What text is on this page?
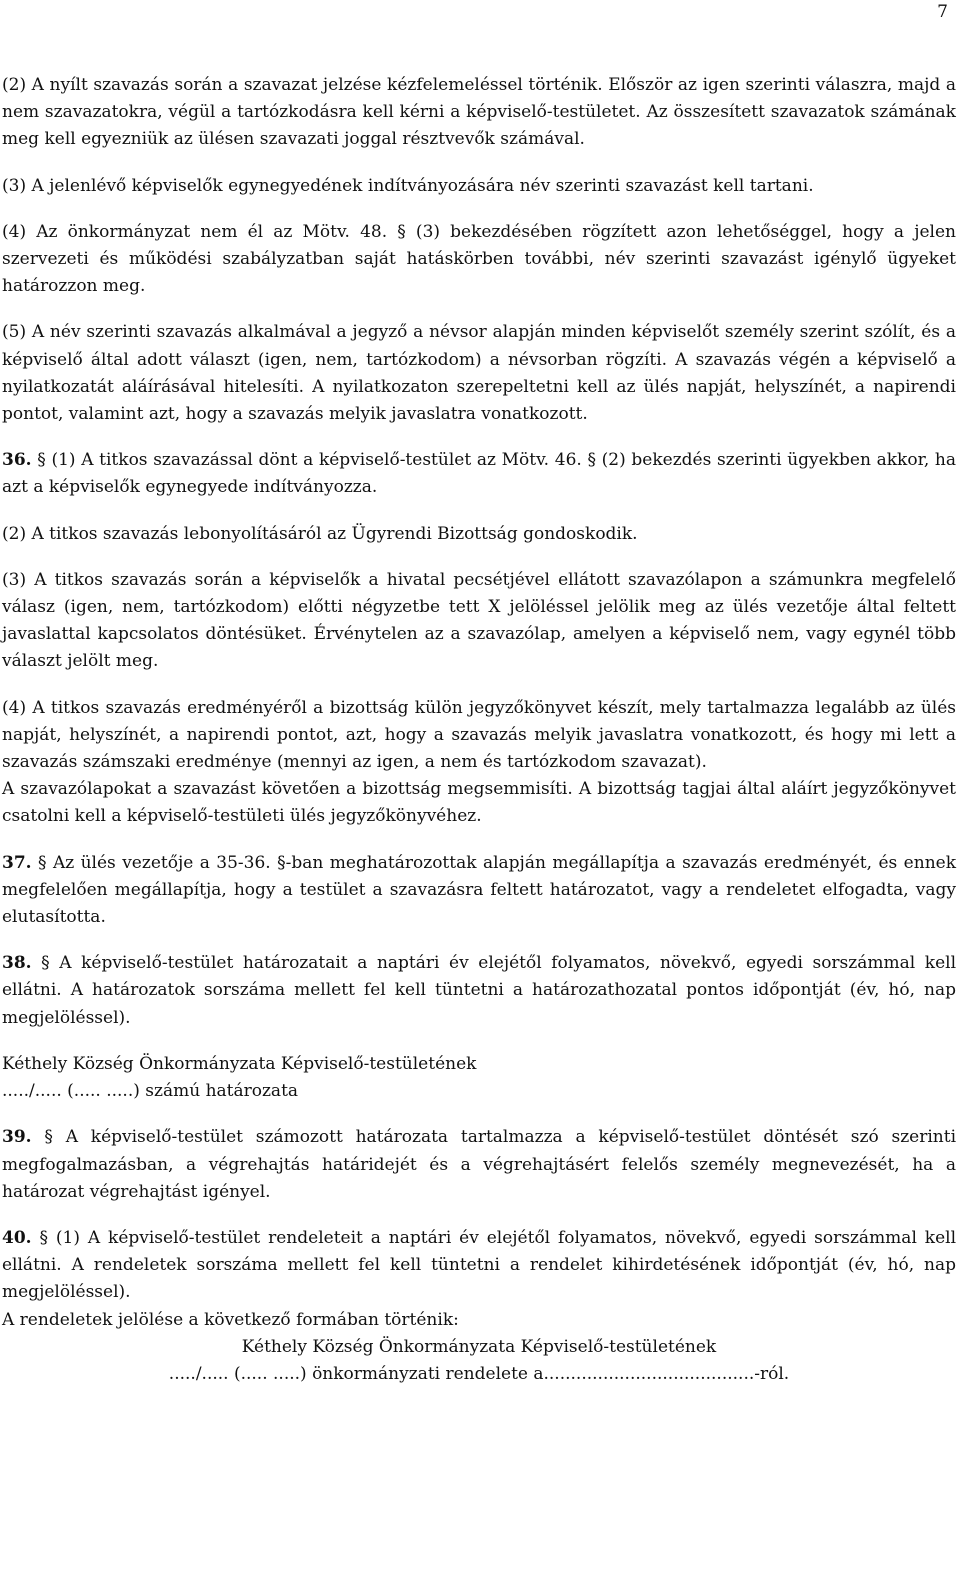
7

(2) A nyílt szavazás során a szavazat jelzése kézfelemeléssel történik. Először az igen szerinti válaszra, majd a nem szavazatokra, végül a tartózkodásra kell kérni a képviselő-testületet. Az összesített szavazatok számának meg kell egyezniük az ülésen szavazati joggal résztvevők számával.

(3) A jelenlévő képviselők egynegyedének indítványozására név szerinti szavazást kell tartani.

(4) Az önkormányzat nem él az Mötv. 48. § (3) bekezdésében rögzített azon lehetőséggel, hogy a jelen szervezeti és működési szabályzatban saját hatáskörben további, név szerinti szavazást igénylő ügyeket határozzon meg.

(5) A név szerinti szavazás alkalmával a jegyző a névsor alapján minden képviselőt személy szerint szólít, és a képviselő által adott választ (igen, nem, tartózkodom) a névsorban rögzíti. A szavazás végén a képviselő a nyilatkozatát aláírásával hitelesíti. A nyilatkozaton szerepeltetni kell az ülés napját, helyszínét, a napirendi pontot, valamint azt, hogy a szavazás melyik javaslatra vonatkozott.

36. § (1) A titkos szavazással dönt a képviselő-testület az Mötv. 46. § (2) bekezdés szerinti ügyekben akkor, ha azt a képviselők egynegyede indítványozza.

(2) A titkos szavazás lebonyolításáról az Ügyrendi Bizottság gondoskodik.

(3) A titkos szavazás során a képviselők a hivatal pecsétjével ellátott szavazólapon a számunkra megfelelő válasz (igen, nem, tartózkodom) előtti négyzetbe tett X jelöléssel jelölik meg az ülés vezetője által feltett javaslattal kapcsolatos döntésüket. Érvénytelen az a szavazólap, amelyen a képviselő nem, vagy egynél több választ jelölt meg.

(4) A titkos szavazás eredményéről a bizottság külön jegyzőkönyvet készít, mely tartalmazza legalább az ülés napját, helyszínét, a napirendi pontot, azt, hogy a szavazás melyik javaslatra vonatkozott, és hogy mi lett a szavazás számszaki eredménye (mennyi az igen, a nem és tartózkodom szavazat).

A szavazólapokat a szavazást követően a bizottság megsemmisíti. A bizottság tagjai által aláírt jegyzőkönyvet csatolni kell a képviselő-testületi ülés jegyzőkönyvéhez.

37. § Az ülés vezetője a 35-36. §-ban meghatározottak alapján megállapítja a szavazás eredményét, és ennek megfelelően megállapítja, hogy a testület a szavazásra feltett határozatot, vagy a rendeletet elfogadta, vagy elutasította.

38. § A képviselő-testület határozatait a naptári év elejétől folyamatos, növekvő, egyedi sorszámmal kell ellátni. A határozatok sorszáma mellett fel kell tüntetni a határozathozatal pontos időpontját (év, hó, nap megjelöléssel).

Kéthely Község Önkormányzata Képviselő-testületének

...../..... (..... .....) számú határozata

39. § A képviselő-testület számozott határozata tartalmazza a képviselő-testület döntését szó szerinti megfogalmazásban, a végrehajtás határidejét és a végrehajtásért felelős személy megnevezését, ha a határozat végrehajtást igényel.

40. § (1) A képviselő-testület rendeleteit a naptári év elejétől folyamatos, növekvő, egyedi sorszámmal kell ellátni. A rendeletek sorszáma mellett fel kell tüntetni a rendelet kihirdetésének időpontját (év, hó, nap megjelöléssel).

A rendeletek jelölése a következő formában történik:

Kéthely Község Önkormányzata Képviselő-testületének

...../..... (..... .....) önkormányzati rendelete a.......................................-ról.
